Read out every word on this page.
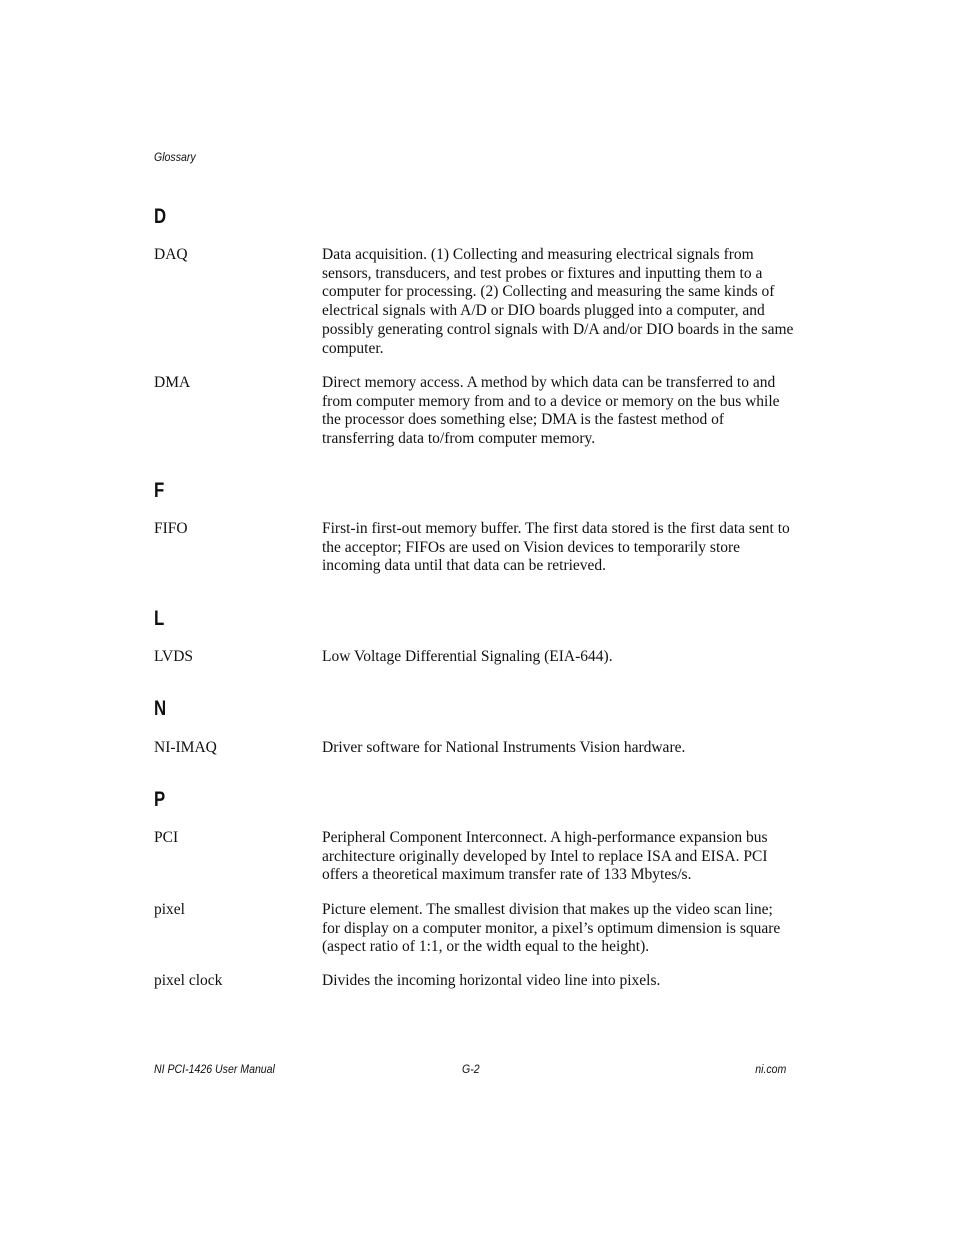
Glossary
D
DAQ	Data acquisition. (1) Collecting and measuring electrical signals from sensors, transducers, and test probes or fixtures and inputting them to a computer for processing. (2) Collecting and measuring the same kinds of electrical signals with A/D or DIO boards plugged into a computer, and possibly generating control signals with D/A and/or DIO boards in the same computer.
DMA	Direct memory access. A method by which data can be transferred to and from computer memory from and to a device or memory on the bus while the processor does something else; DMA is the fastest method of transferring data to/from computer memory.
F
FIFO	First-in first-out memory buffer. The first data stored is the first data sent to the acceptor; FIFOs are used on Vision devices to temporarily store incoming data until that data can be retrieved.
L
LVDS	Low Voltage Differential Signaling (EIA-644).
N
NI-IMAQ	Driver software for National Instruments Vision hardware.
P
PCI	Peripheral Component Interconnect. A high-performance expansion bus architecture originally developed by Intel to replace ISA and EISA. PCI offers a theoretical maximum transfer rate of 133 Mbytes/s.
pixel	Picture element. The smallest division that makes up the video scan line; for display on a computer monitor, a pixel’s optimum dimension is square (aspect ratio of 1:1, or the width equal to the height).
pixel clock	Divides the incoming horizontal video line into pixels.
NI PCI-1426 User Manual	G-2	ni.com
